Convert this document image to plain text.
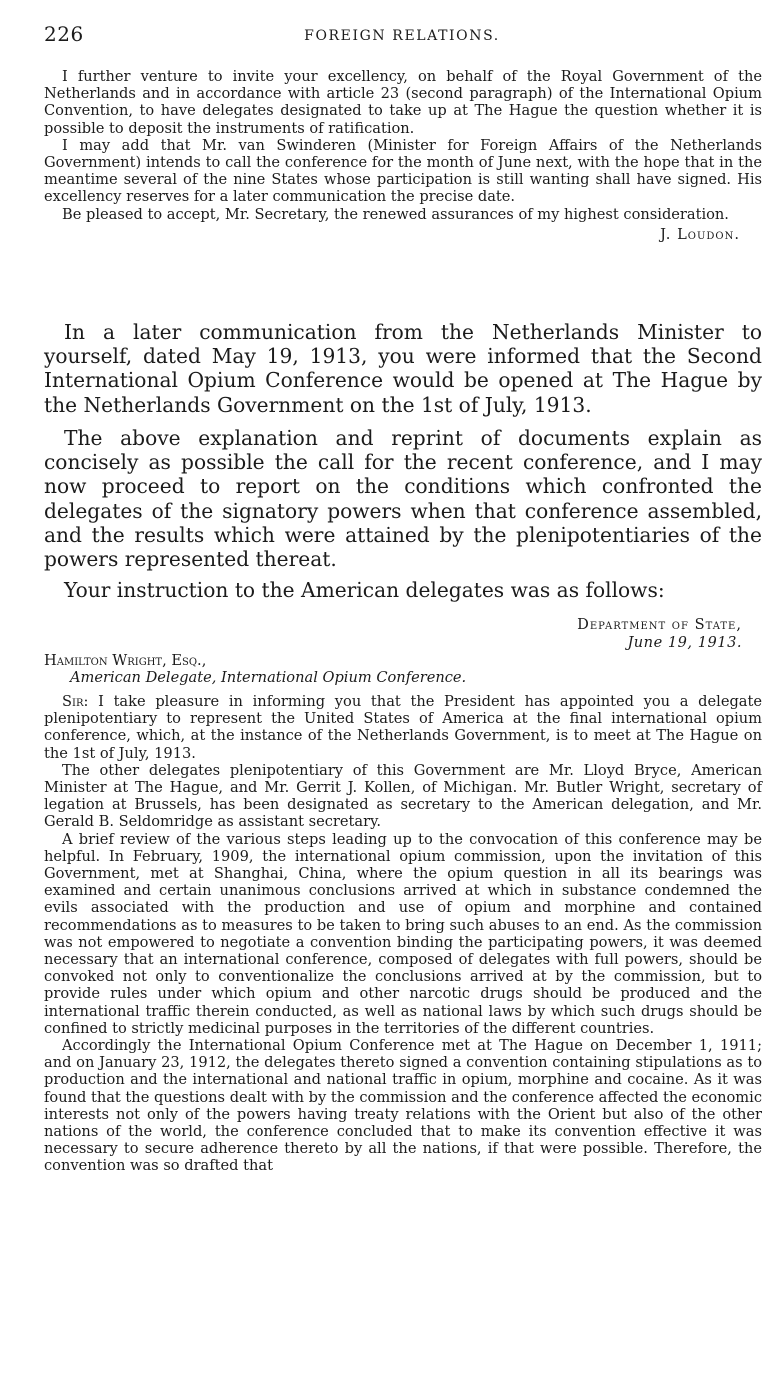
226	FOREIGN RELATIONS.

I further venture to invite your excellency, on behalf of the Royal Government of the Netherlands and in accordance with article 23 (second paragraph) of the International Opium Convention, to have delegates designated to take up at The Hague the question whether it is possible to deposit the instruments of ratification.

I may add that Mr. van Swinderen (Minister for Foreign Affairs of the Netherlands Government) intends to call the conference for the month of June next, with the hope that in the meantime several of the nine States whose participation is still wanting shall have signed. His excellency reserves for a later communication the precise date.

Be pleased to accept, Mr. Secretary, the renewed assurances of my highest consideration.

J. Loudon.

In a later communication from the Netherlands Minister to yourself, dated May 19, 1913, you were informed that the Second International Opium Conference would be opened at The Hague by the Netherlands Government on the 1st of July, 1913.

The above explanation and reprint of documents explain as concisely as possible the call for the recent conference, and I may now proceed to report on the conditions which confronted the delegates of the signatory powers when that conference assembled, and the results which were attained by the plenipotentiaries of the powers represented thereat.

Your instruction to the American delegates was as follows:

Department of State,
June 19, 1913.
Hamilton Wright, Esq.,
American Delegate, International Opium Conference.

Sir: I take pleasure in informing you that the President has appointed you a delegate plenipotentiary to represent the United States of America at the final international opium conference, which, at the instance of the Netherlands Government, is to meet at The Hague on the 1st of July, 1913.

The other delegates plenipotentiary of this Government are Mr. Lloyd Bryce, American Minister at The Hague, and Mr. Gerrit J. Kollen, of Michigan. Mr. Butler Wright, secretary of legation at Brussels, has been designated as secretary to the American delegation, and Mr. Gerald B. Seldomridge as assistant secretary.

A brief review of the various steps leading up to the convocation of this conference may be helpful. In February, 1909, the international opium commission, upon the invitation of this Government, met at Shanghai, China, where the opium question in all its bearings was examined and certain unanimous conclusions arrived at which in substance condemned the evils associated with the production and use of opium and morphine and contained recommendations as to measures to be taken to bring such abuses to an end. As the commission was not empowered to negotiate a convention binding the participating powers, it was deemed necessary that an international conference, composed of delegates with full powers, should be convoked not only to conventionalize the conclusions arrived at by the commission, but to provide rules under which opium and other narcotic drugs should be produced and the international traffic therein conducted, as well as national laws by which such drugs should be confined to strictly medicinal purposes in the territories of the different countries.

Accordingly the International Opium Conference met at The Hague on December 1, 1911; and on January 23, 1912, the delegates thereto signed a convention containing stipulations as to production and the international and national traffic in opium, morphine and cocaine. As it was found that the questions dealt with by the commission and the conference affected the economic interests not only of the powers having treaty relations with the Orient but also of the other nations of the world, the conference concluded that to make its convention effective it was necessary to secure adherence thereto by all the nations, if that were possible. Therefore, the convention was so drafted that
